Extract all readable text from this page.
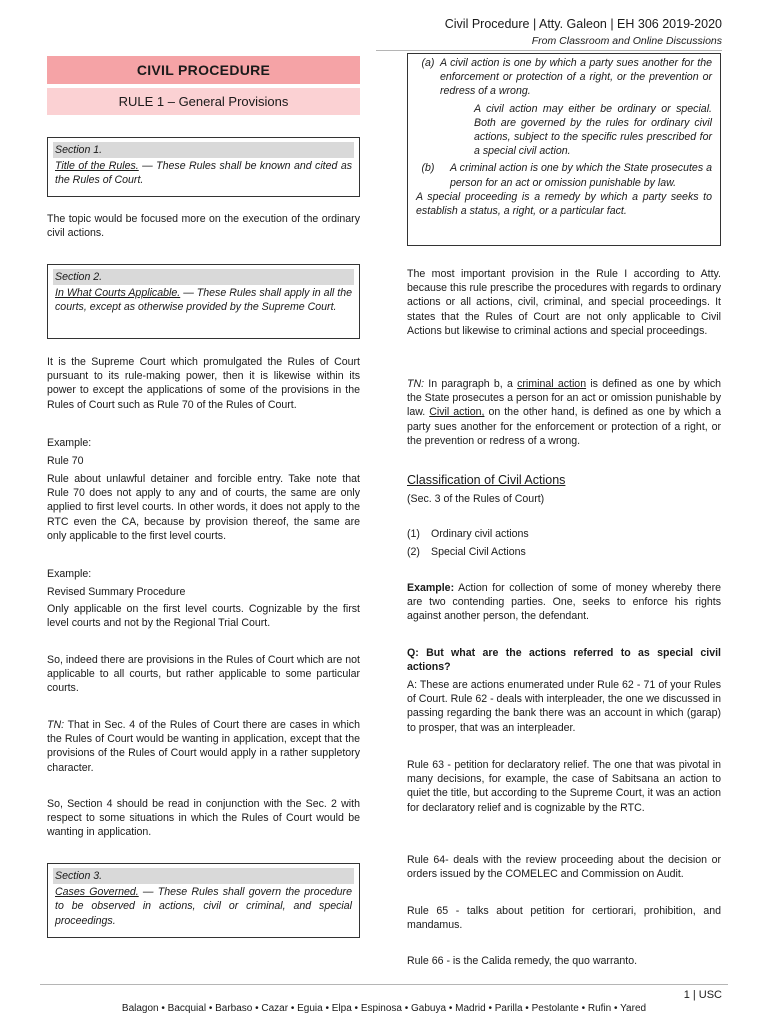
Civil Procedure | Atty. Galeon | EH 306 2019-2020
From Classroom and Online Discussions
CIVIL PROCEDURE
RULE 1 – General Provisions
Section 1.
Title of the Rules. — These Rules shall be known and cited as the Rules of Court.
The topic would be focused more on the execution of the ordinary civil actions.
Section 2.
In What Courts Applicable. — These Rules shall apply in all the courts, except as otherwise provided by the Supreme Court.
It is the Supreme Court which promulgated the Rules of Court pursuant to its rule-making power, then it is likewise within its power to except the applications of some of the provisions in the Rules of Court such as Rule 70 of the Rules of Court.
Example:
Rule 70
Rule about unlawful detainer and forcible entry. Take note that Rule 70 does not apply to any and of courts, the same are only applied to first level courts. In other words, it does not apply to the RTC even the CA, because by provision thereof, the same are only applicable to the first level courts.
Example:
Revised Summary Procedure
Only applicable on the first level courts. Cognizable by the first level courts and not by the Regional Trial Court.
So, indeed there are provisions in the Rules of Court which are not applicable to all courts, but rather applicable to some particular courts.
TN: That in Sec. 4 of the Rules of Court there are cases in which the Rules of Court would be wanting in application, except that the provisions of the Rules of Court would apply in a rather suppletory character.
So, Section 4 should be read in conjunction with the Sec. 2 with respect to some situations in which the Rules of Court would be wanting in application.
Section 3.
Cases Governed. — These Rules shall govern the procedure to be observed in actions, civil or criminal, and special proceedings.
(a) A civil action is one by which a party sues another for the enforcement or protection of a right, or the prevention or redress of a wrong.
A civil action may either be ordinary or special. Both are governed by the rules for ordinary civil actions, subject to the specific rules prescribed for a special civil action.
(b)	A criminal action is one by which the State prosecutes a person for an act or omission punishable by law.
A special proceeding is a remedy by which a party seeks to establish a status, a right, or a particular fact.
The most important provision in the Rule I according to Atty. because this rule prescribe the procedures with regards to ordinary actions or all actions, civil, criminal, and special proceedings. It states that the Rules of Court are not only applicable to Civil Actions but likewise to criminal actions and special proceedings.
TN: In paragraph b, a criminal action is defined as one by which the State prosecutes a person for an act or omission punishable by law. Civil action, on the other hand, is defined as one by which a party sues another for the enforcement or protection of a right, or the prevention or redress of a wrong.
Classification of Civil Actions
(Sec. 3 of the Rules of Court)
(1)	Ordinary civil actions
(2)	Special Civil Actions
Example: Action for collection of some of money whereby there are two contending parties. One, seeks to enforce his rights against another person, the defendant.
Q: But what are the actions referred to as special civil actions?
A: These are actions enumerated under Rule 62 - 71 of your Rules of Court. Rule 62 - deals with interpleader, the one we discussed in passing regarding the bank there was an account in which (garap) to prosper, that was an interpleader.
Rule 63 - petition for declaratory relief. The one that was pivotal in many decisions, for example, the case of Sabitsana an action to quiet the title, but according to the Supreme Court, it was an action for declaratory relief and is cognizable by the RTC.
Rule 64- deals with the review proceeding about the decision or orders issued by the COMELEC and Commission on Audit.
Rule 65 - talks about petition for certiorari, prohibition, and mandamus.
Rule 66 - is the Calida remedy, the quo warranto.
1 | USC
Balagon • Bacquial • Barbaso • Cazar • Eguia • Elpa • Espinosa • Gabuya • Madrid • Parilla • Pestolante • Rufin • Yared
